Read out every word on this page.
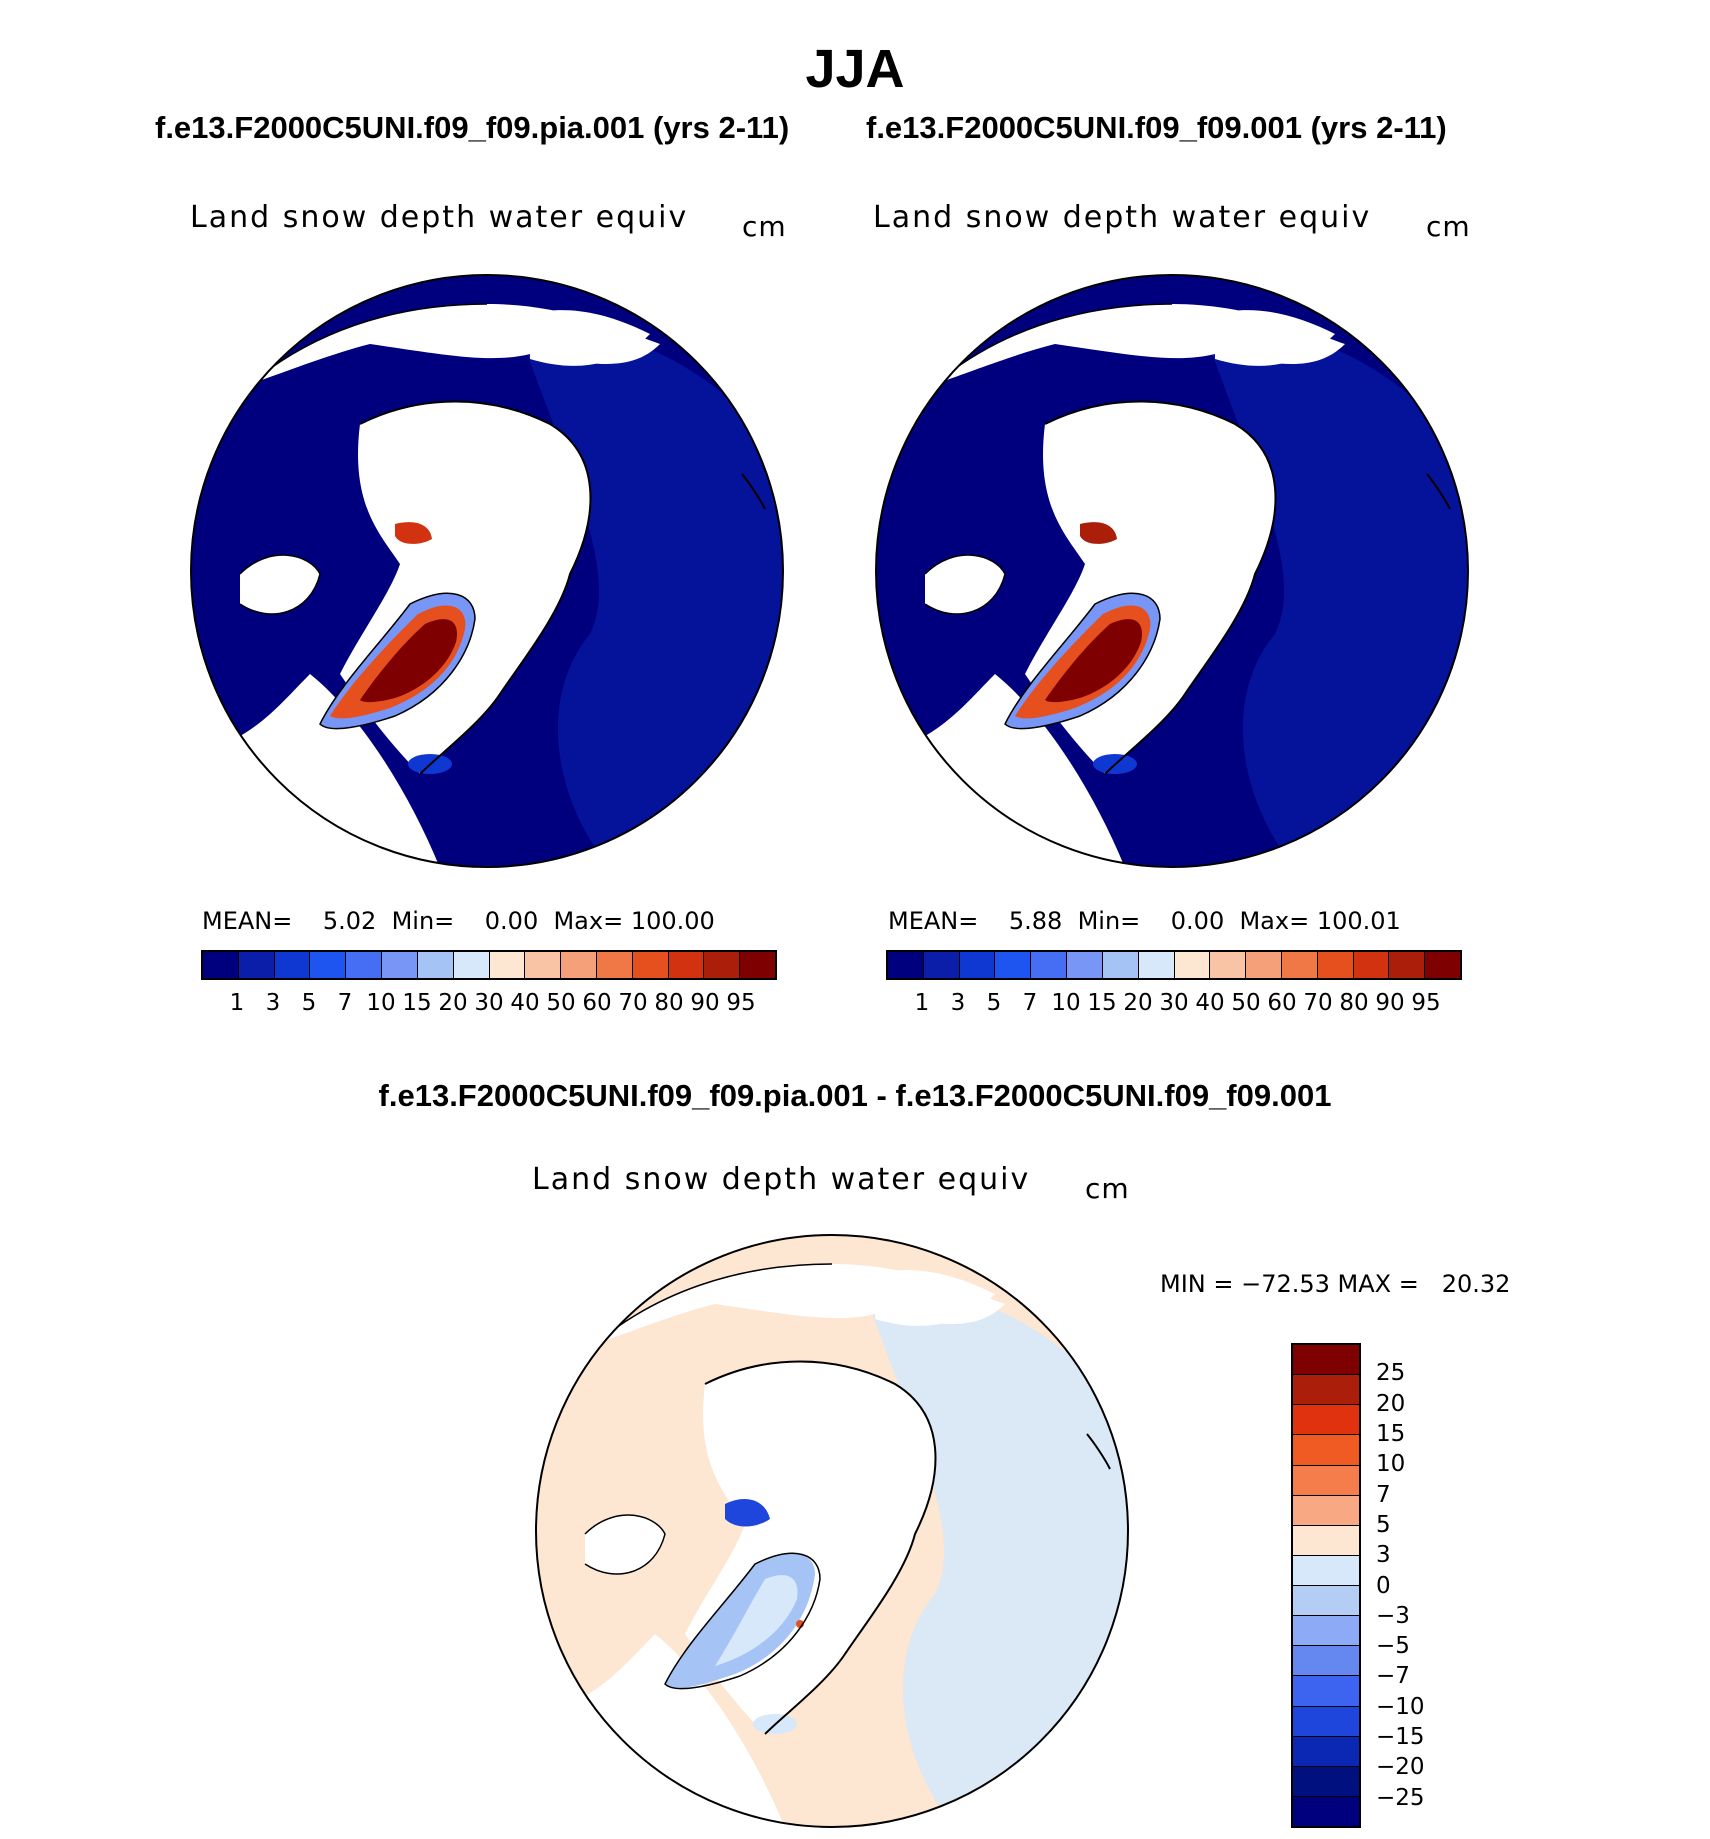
JJA
f.e13.F2000C5UNI.f09_f09.pia.001 (yrs 2-11)
Land snow depth water equiv cm
MEAN=    5.02  Min=    0.00  Max= 100.00
1 3 5 7 10 15 20 30 40 50 60 70 80 90 95
f.e13.F2000C5UNI.f09_f09.001 (yrs 2-11)
Land snow depth water equiv cm
MEAN=    5.88  Min=    0.00  Max= 100.01
1 3 5 7 10 15 20 30 40 50 60 70 80 90 95
f.e13.F2000C5UNI.f09_f09.pia.001 - f.e13.F2000C5UNI.f09_f09.001
Land snow depth water equiv cm
MIN = −72.53 MAX =   20.32
25
20
15
10
7
5
3
0
−3
−5
−7
−10
−15
−20
−25
